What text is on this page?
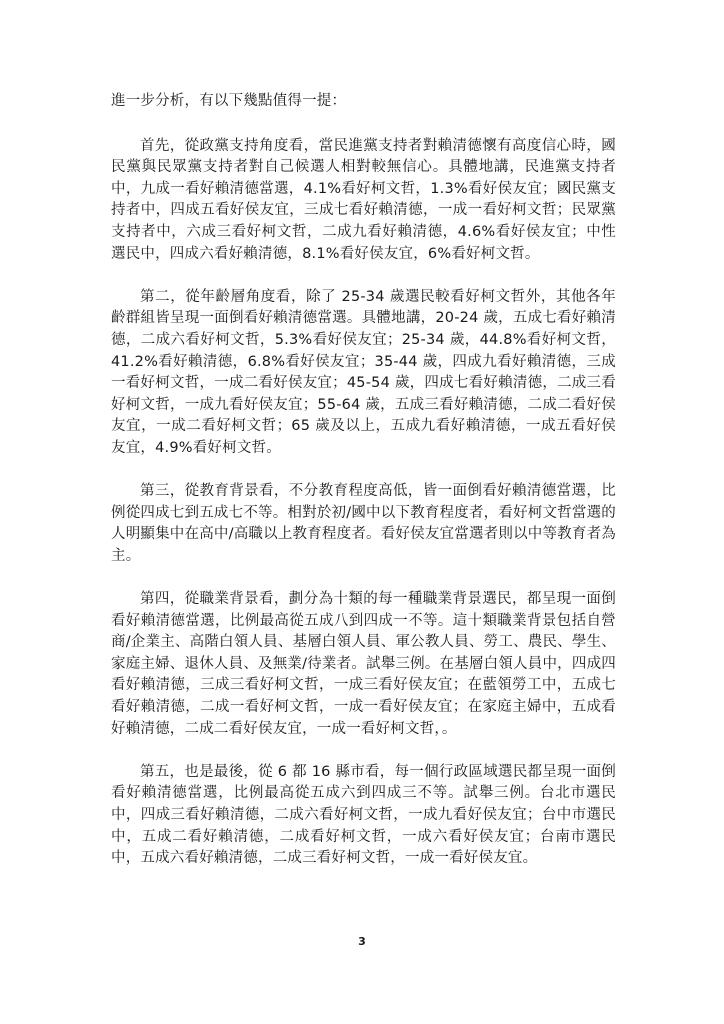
進一步分析，有以下幾點值得一提：

首先，從政黨支持角度看，當民進黨支持者對賴清德懷有高度信心時，國民黨與民眾黨支持者對自己候選人相對較無信心。具體地講，民進黨支持者中，九成一看好賴清德當選，4.1%看好柯文哲，1.3%看好侯友宜；國民黨支持者中，四成五看好侯友宜，三成七看好賴清德，一成一看好柯文哲；民眾黨支持者中，六成三看好柯文哲，二成九看好賴清德，4.6%看好侯友宜；中性選民中，四成六看好賴清德，8.1%看好侯友宜，6%看好柯文哲。

第二，從年齡層角度看，除了 25-34 歲選民較看好柯文哲外，其他各年齡群組皆呈現一面倒看好賴清德當選。具體地講，20-24 歲，五成七看好賴清德，二成六看好柯文哲，5.3%看好侯友宜；25-34 歲，44.8%看好柯文哲，41.2%看好賴清德，6.8%看好侯友宜；35-44 歲，四成九看好賴清德，三成一看好柯文哲，一成二看好侯友宜；45-54 歲，四成七看好賴清德，二成三看好柯文哲，一成九看好侯友宜；55-64 歲，五成三看好賴清德，二成二看好侯友宜，一成二看好柯文哲；65 歲及以上，五成九看好賴清德，一成五看好侯友宜，4.9%看好柯文哲。

第三，從教育背景看，不分教育程度高低，皆一面倒看好賴清德當選，比例從四成七到五成七不等。相對於初/國中以下教育程度者，看好柯文哲當選的人明顯集中在高中/高職以上教育程度者。看好侯友宜當選者則以中等教育者為主。

第四，從職業背景看，劃分為十類的每一種職業背景選民，都呈現一面倒看好賴清德當選，比例最高從五成八到四成一不等。這十類職業背景包括自營商/企業主、高階白領人員、基層白領人員、軍公教人員、勞工、農民、學生、家庭主婦、退休人員、及無業/待業者。試舉三例。在基層白領人員中，四成四看好賴清德，三成三看好柯文哲，一成三看好侯友宜；在藍領勞工中，五成七看好賴清德，二成一看好柯文哲，一成一看好侯友宜；在家庭主婦中，五成看好賴清德，二成二看好侯友宜，一成一看好柯文哲，。

第五，也是最後，從 6 都 16 縣市看，每一個行政區域選民都呈現一面倒看好賴清德當選，比例最高從五成六到四成三不等。試舉三例。台北市選民中，四成三看好賴清德，二成六看好柯文哲，一成九看好侯友宜；台中市選民中，五成二看好賴清德，二成看好柯文哲，一成六看好侯友宜；台南市選民中，五成六看好賴清德，二成三看好柯文哲，一成一看好侯友宜。

3
